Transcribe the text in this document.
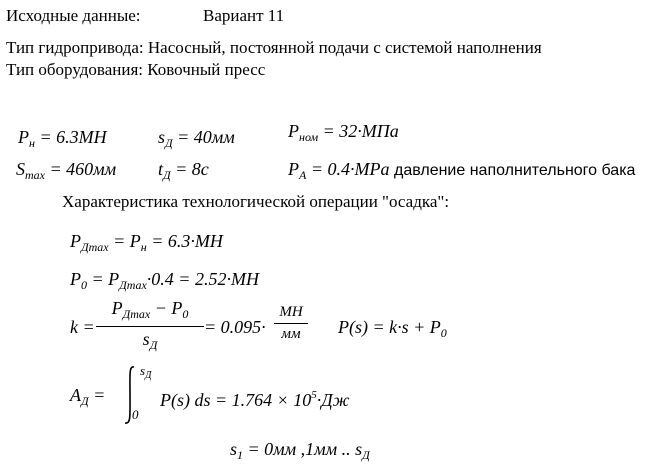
Исходные данные:	Вариант 11
Тип гидропривода: Насосный, постоянной подачи с системой наполнения
Тип оборудования: Ковочный пресс
$P_н = 6.3МН$	$s_Д = 40мм$	$P_{ном} = 32\cdot МПа$
$S_{max} = 460мм$ $t_Д = 8с$	$P_A = 0.4\cdot MPa$ давление наполнительного бака
Характеристика технологической операции "осадка":
$P_{Дmax} = P_н = 6.3\cdot MH$
$P_0 = P_{Дmax}\cdot 0.4 = 2.52\cdot MH$
k =
$P_{Дmax} - P_0$
$s_Д$
= 0.095·
MH
мм	$P(s) = k\cdot s + P_0$
$A_Д$ =
$s_Д$
0
P(s) ds = $1.764 \times 10^5\cdot Дж$
$s_1 = 0мм$ ,1мм .. $s_Д$
